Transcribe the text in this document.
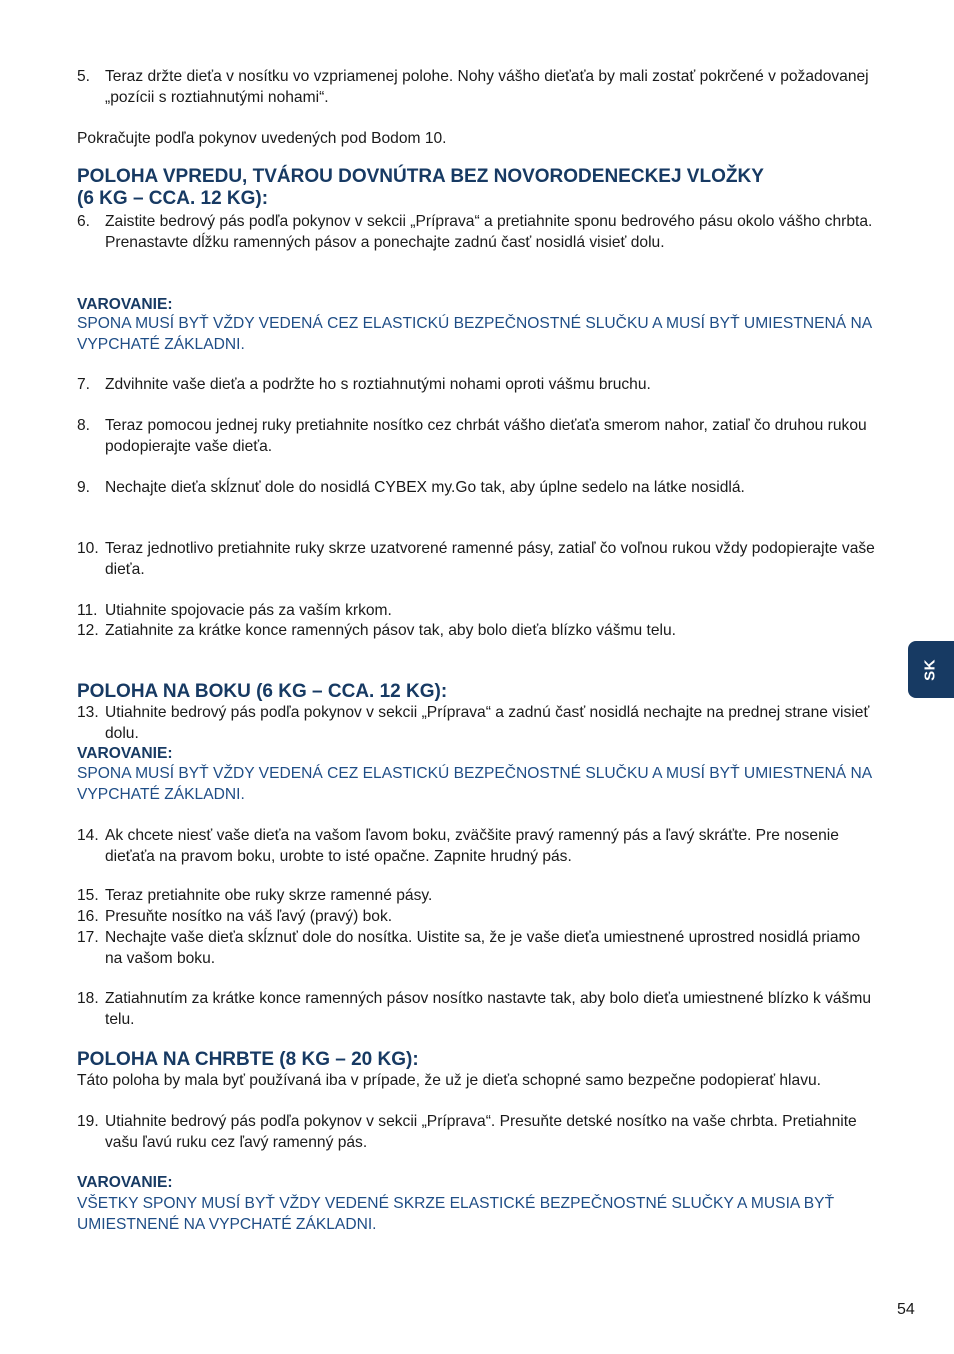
5. Teraz držte dieťa v nosítku vo vzpriamenej polohe. Nohy vášho dieťaťa by mali zostať pokrčené v požadovanej „pozícii s roztiahnutými nohami“.

Pokračujte podľa pokynov uvedených pod Bodom 10.

POLOHA VPREDU, TVÁROU DOVNÚTRA BEZ NOVORODENECKEJ VLOŽKY
(6 KG – CCA. 12 KG):
6. Zaistite bedrový pás podľa pokynov v sekcii „Príprava“ a pretiahnite sponu bedrového pásu okolo vášho chrbta. Prenastavte dĺžku ramenných pásov a ponechajte zadnú časť nosidlá visieť dolu.

VAROVANIE:

SPONA MUSÍ BYŤ VŽDY VEDENÁ CEZ ELASTICKÚ BEZPEČNOSTNÉ SLUČKU A MUSÍ BYŤ UMIESTNENÁ NA VYPCHATÉ ZÁKLADNI.

7. Zdvihnite vaše dieťa a podržte ho s roztiahnutými nohami oproti vášmu bruchu.
8. Teraz pomocou jednej ruky pretiahnite nosítko cez chrbát vášho dieťaťa smerom nahor, zatiaľ čo druhou rukou podopierajte vaše dieťa.
9. Nechajte dieťa skĺznuť dole do nosidlá CYBEX my.Go tak, aby úplne sedelo na látke nosidlá.
10. Teraz jednotlivo pretiahnite ruky skrze uzatvorené ramenné pásy, zatiaľ čo voľnou rukou vždy podopierajte vaše dieťa.
11. Utiahnite spojovacie pás za vaším krkom.
12. Zatiahnite za krátke konce ramenných pásov tak, aby bolo dieťa blízko vášmu telu.
POLOHA NA BOKU (6 KG – CCA. 12 KG):
13. Utiahnite bedrový pás podľa pokynov v sekcii „Príprava“ a zadnú časť nosidlá nechajte na prednej strane visieť dolu.

VAROVANIE:

SPONA MUSÍ BYŤ VŽDY VEDENÁ CEZ ELASTICKÚ BEZPEČNOSTNÉ SLUČKU A MUSÍ BYŤ UMIESTNENÁ NA VYPCHATÉ ZÁKLADNI.

14. Ak chcete niesť vaše dieťa na vašom ľavom boku, zväčšite pravý ramenný pás a ľavý skráťte. Pre nosenie dieťaťa na pravom boku, urobte to isté opačne. Zapnite hrudný pás.
15. Teraz pretiahnite obe ruky skrze ramenné pásy.
16. Presuňte nosítko na váš ľavý (pravý) bok.
17. Nechajte vaše dieťa skĺznuť dole do nosítka. Uistite sa, že je vaše dieťa umiestnené uprostred nosidlá priamo na vašom boku.
18. Zatiahnutím za krátke konce ramenných pásov nosítko nastavte tak, aby bolo dieťa umiestnené blízko k vášmu telu.
POLOHA NA CHRBTE (8 KG – 20 KG):

Táto poloha by mala byť používaná iba v prípade, že už je dieťa schopné samo bezpečne podopierať hlavu.

19. Utiahnite bedrový pás podľa pokynov v sekcii „Príprava“. Presuňte detské nosítko na vaše chrbta. Pretiahnite vašu ľavú ruku cez ľavý ramenný pás.

VAROVANIE:

VŠETKY SPONY MUSÍ BYŤ VŽDY VEDENÉ SKRZE ELASTICKÉ BEZPEČNOSTNÉ SLUČKY A MUSIA BYŤ UMIESTNENÉ NA VYPCHATÉ ZÁKLADNI.

SK
54
